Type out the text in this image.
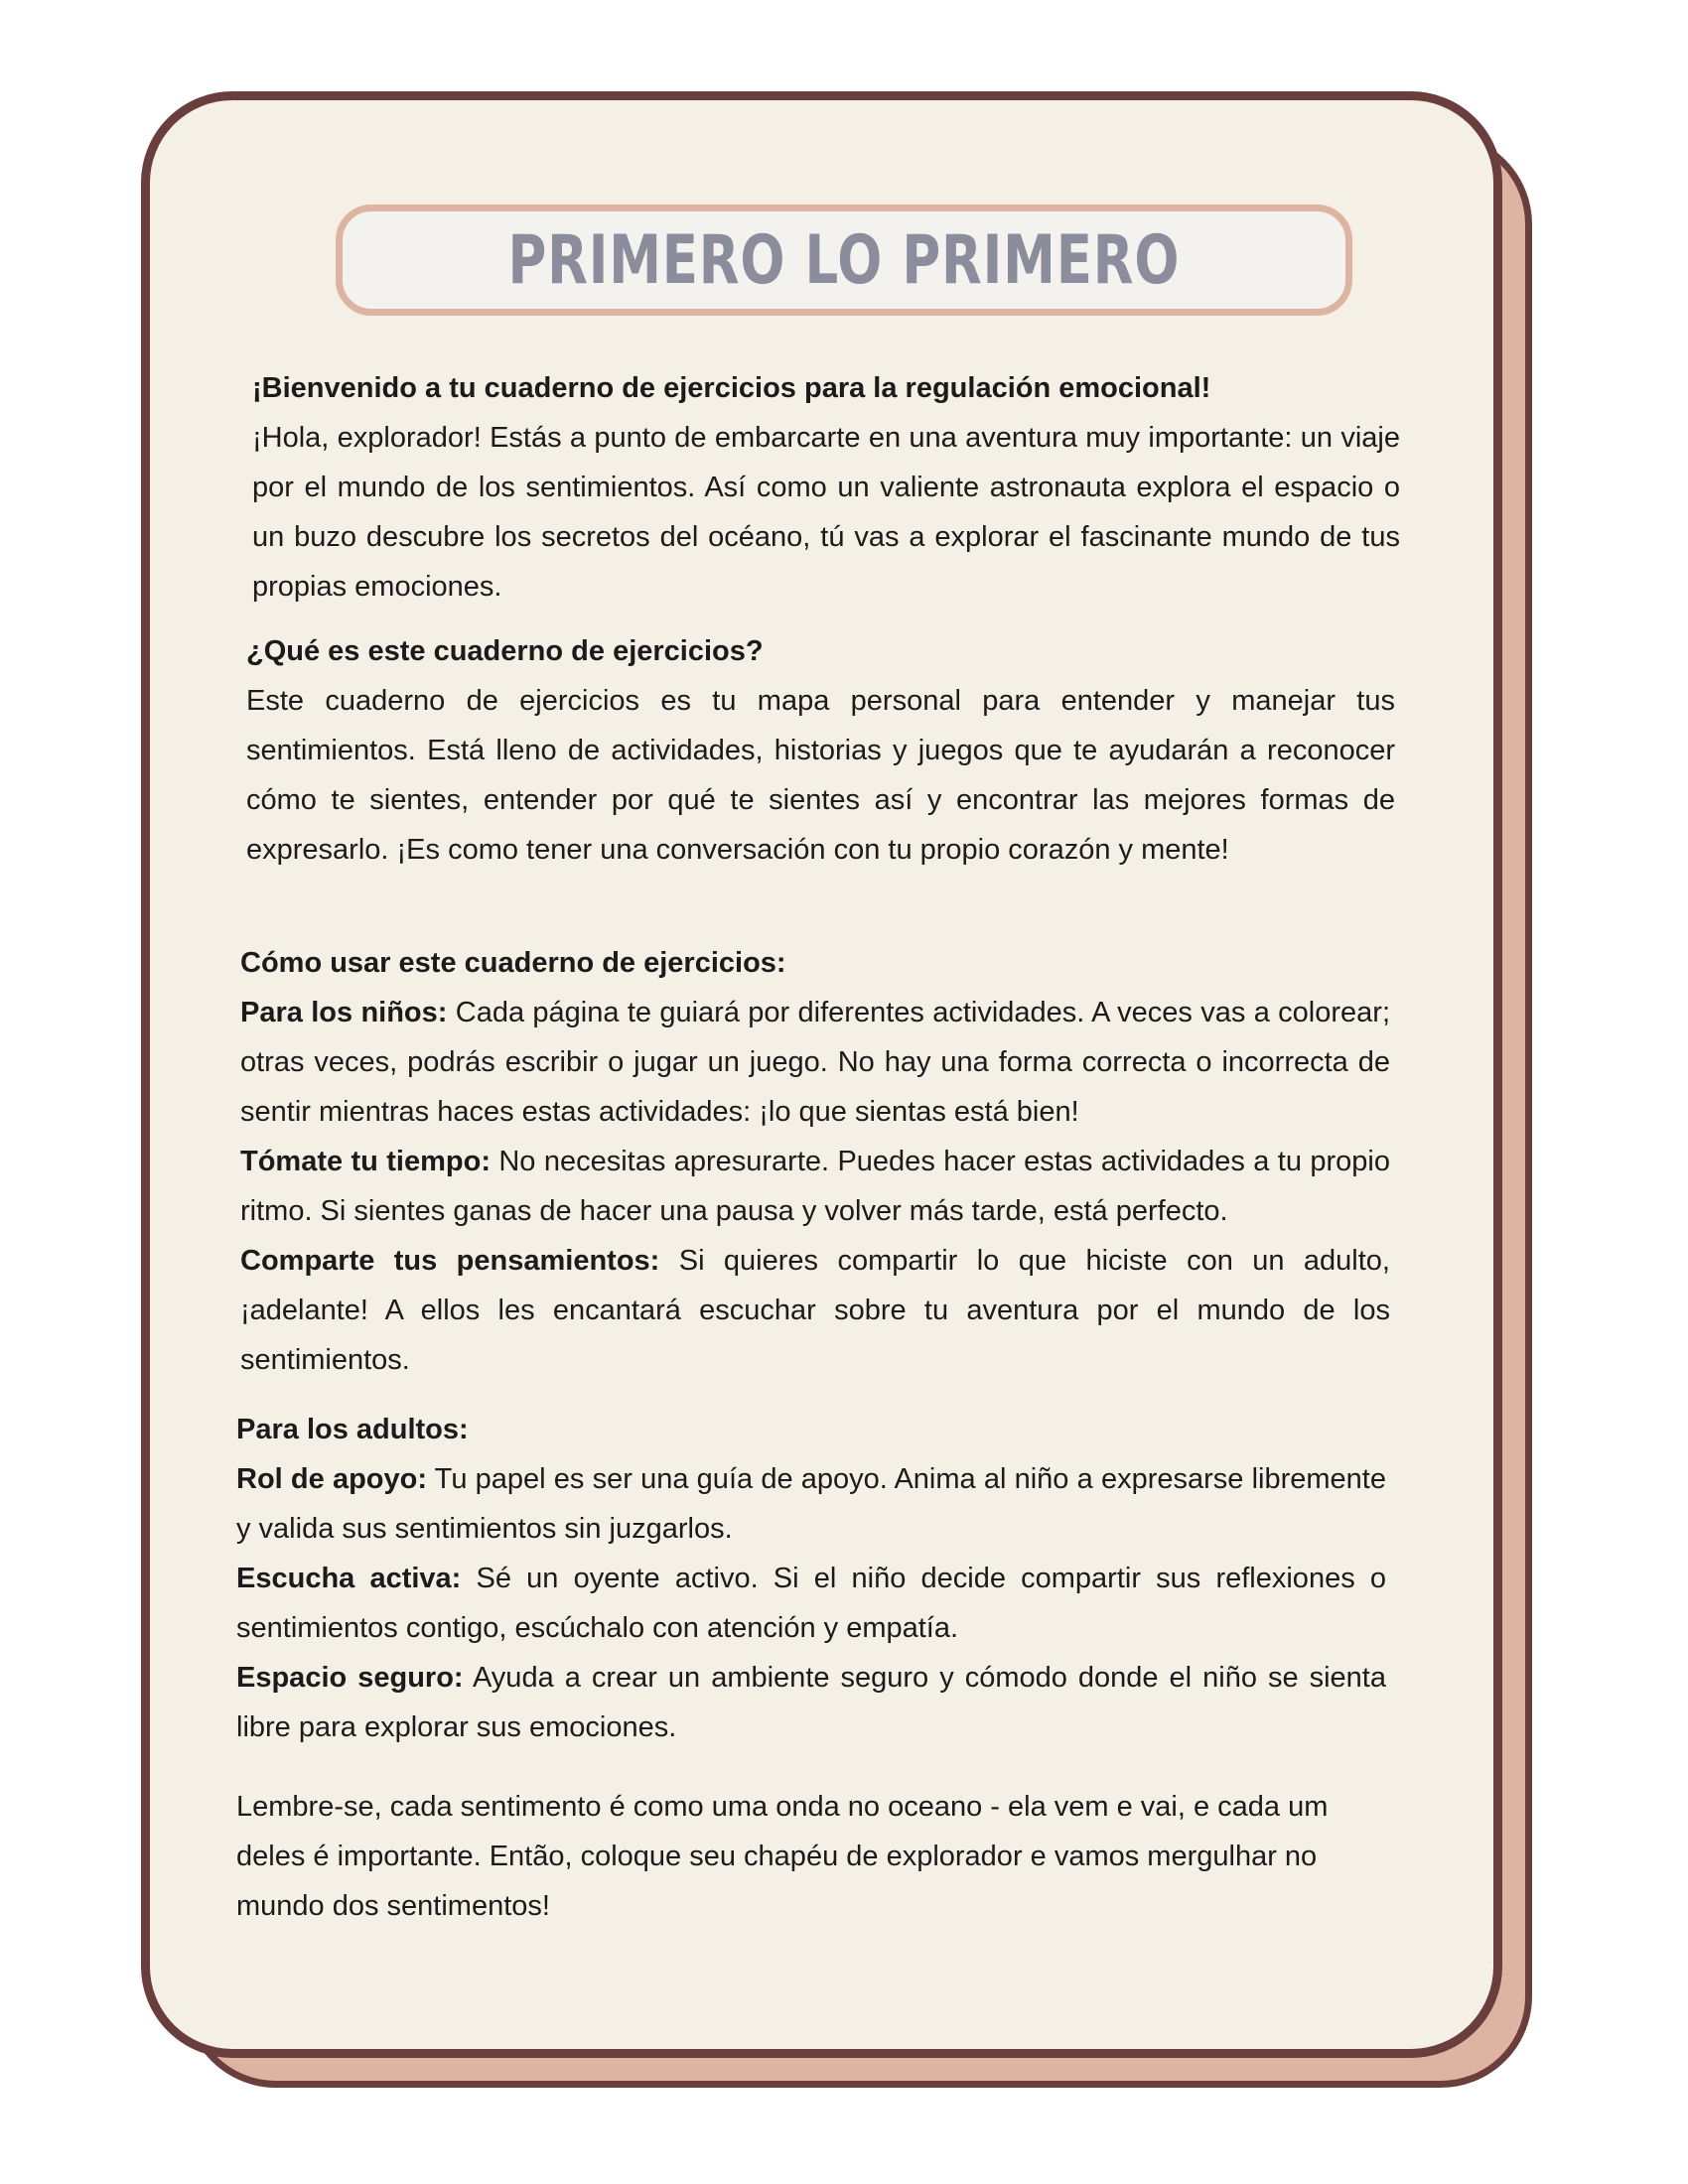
PRIMERO LO PRIMERO

¡Bienvenido a tu cuaderno de ejercicios para la regulación emocional!

¡Hola, explorador! Estás a punto de embarcarte en una aventura muy importante: un viaje por el mundo de los sentimientos. Así como un valiente astronauta explora el espacio o un buzo descubre los secretos del océano, tú vas a explorar el fascinante mundo de tus propias emociones.

¿Qué es este cuaderno de ejercicios?

Este cuaderno de ejercicios es tu mapa personal para entender y manejar tus sentimientos. Está lleno de actividades, historias y juegos que te ayudarán a reconocer cómo te sientes, entender por qué te sientes así y encontrar las mejores formas de expresarlo. ¡Es como tener una conversación con tu propio corazón y mente!

Cómo usar este cuaderno de ejercicios:

Para los niños: Cada página te guiará por diferentes actividades. A veces vas a colorear; otras veces, podrás escribir o jugar un juego. No hay una forma correcta o incorrecta de sentir mientras haces estas actividades: ¡lo que sientas está bien!

Tómate tu tiempo: No necesitas apresurarte. Puedes hacer estas actividades a tu propio ritmo. Si sientes ganas de hacer una pausa y volver más tarde, está perfecto.

Comparte tus pensamientos: Si quieres compartir lo que hiciste con un adulto, ¡adelante! A ellos les encantará escuchar sobre tu aventura por el mundo de los sentimientos.

Para los adultos:

Rol de apoyo: Tu papel es ser una guía de apoyo. Anima al niño a expresarse libremente y valida sus sentimientos sin juzgarlos.

Escucha activa: Sé un oyente activo. Si el niño decide compartir sus reflexiones o sentimientos contigo, escúchalo con atención y empatía.

Espacio seguro: Ayuda a crear un ambiente seguro y cómodo donde el niño se sienta libre para explorar sus emociones.

Lembre-se, cada sentimento é como uma onda no oceano - ela vem e vai, e cada um deles é importante. Então, coloque seu chapéu de explorador e vamos mergulhar no mundo dos sentimentos!
